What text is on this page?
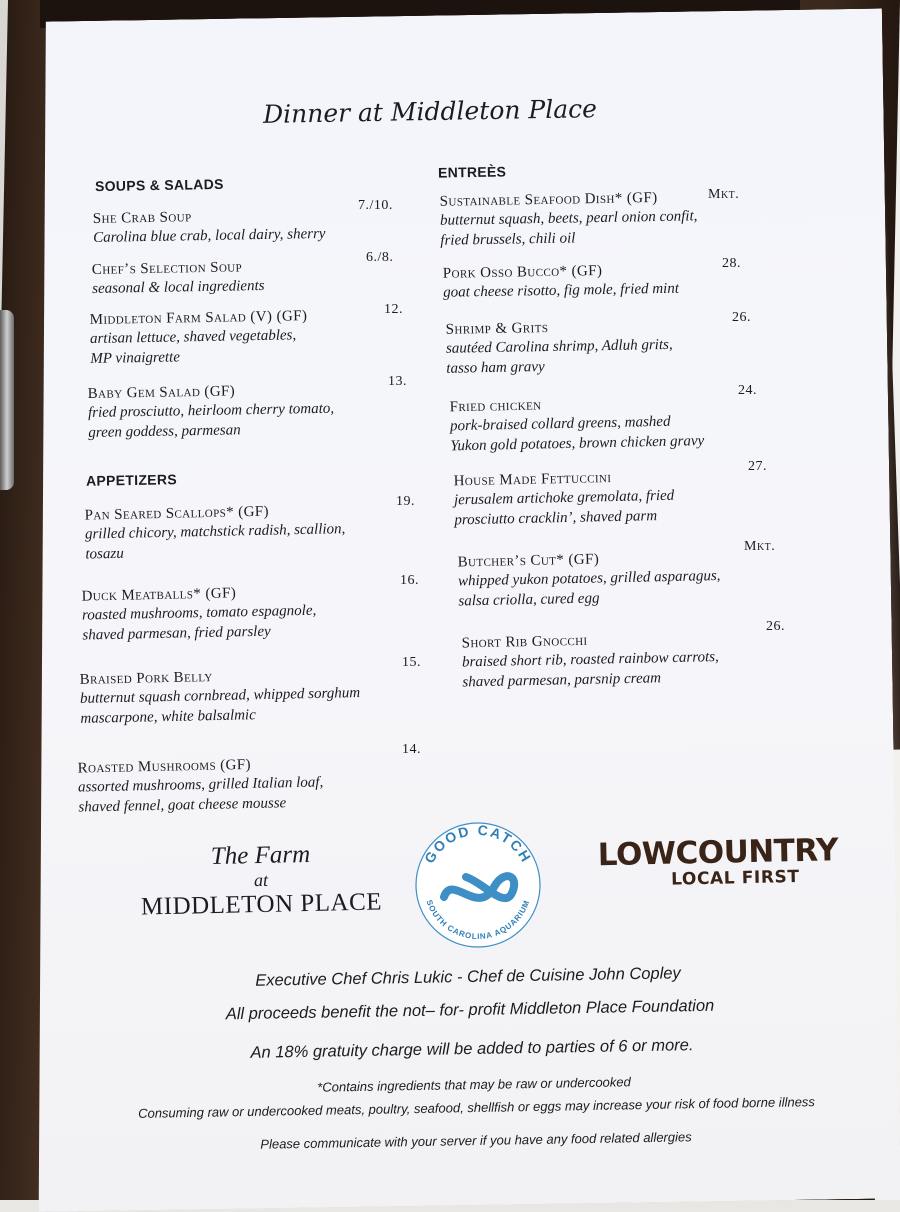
Dinner at Middleton Place
SOUPS & SALADS
She Crab Soup
Carolina blue crab, local dairy, sherry
7./10.
Chef’s Selection Soup
seasonal & local ingredients
6./8.
Middleton Farm Salad (V) (GF)
artisan lettuce, shaved vegetables,
MP vinaigrette
12.
Baby Gem Salad (GF)
fried prosciutto, heirloom cherry tomato,
green goddess, parmesan
13.
APPETIZERS
Pan Seared Scallops* (GF)
grilled chicory, matchstick radish, scallion,
tosazu
19.
Duck Meatballs* (GF)
roasted mushrooms, tomato espagnole,
shaved parmesan, fried parsley
16.
Braised Pork Belly
butternut squash cornbread, whipped sorghum
mascarpone, white balsalmic
15.
Roasted Mushrooms (GF)
assorted mushrooms, grilled Italian loaf,
shaved fennel, goat cheese mousse
14.
ENTREÈS
Sustainable Seafood Dish* (GF)
butternut squash, beets, pearl onion confit,
fried brussels, chili oil
Mkt.
Pork Osso Bucco* (GF)
goat cheese risotto, fig mole, fried mint
28.
Shrimp & Grits
sautéed Carolina shrimp, Adluh grits,
tasso ham gravy
26.
Fried chicken
pork-braised collard greens, mashed
Yukon gold potatoes, brown chicken gravy
24.
House Made Fettuccini
jerusalem artichoke gremolata, fried
prosciutto cracklin’, shaved parm
27.
Butcher’s Cut* (GF)
whipped yukon potatoes, grilled asparagus,
salsa criolla, cured egg
Mkt.
Short Rib Gnocchi
braised short rib, roasted rainbow carrots,
shaved parmesan, parsnip cream
26.
The Farm
at
MIDDLETON PLACE
GOOD CATCH
SOUTH CAROLINA AQUARIUM
LOWCOUNTRY
LOCAL FIRST
Executive Chef Chris Lukic - Chef de Cuisine John Copley
All proceeds benefit the not– for- profit Middleton Place Foundation
An 18% gratuity charge will be added to parties of 6 or more.
*Contains ingredients that may be raw or undercooked
Consuming raw or undercooked meats, poultry, seafood, shellfish or eggs may increase your risk of food borne illness
Please communicate with your server if you have any food related allergies
